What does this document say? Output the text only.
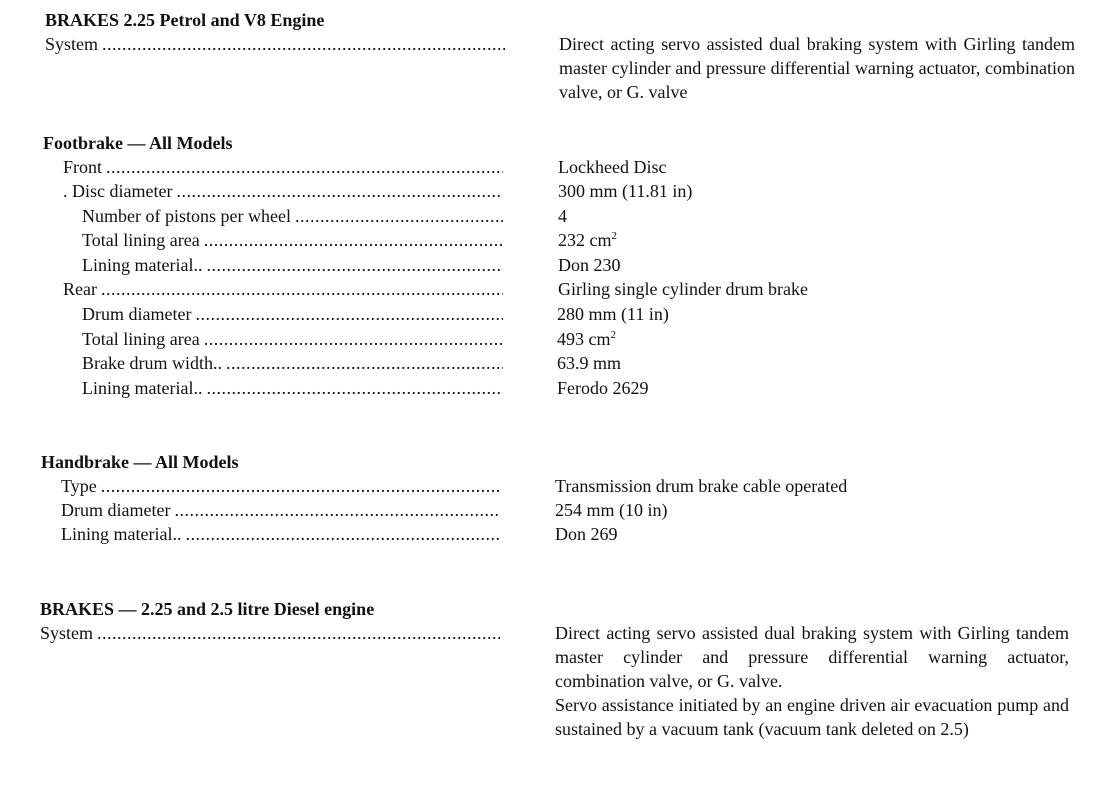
BRAKES 2.25 Petrol and V8 Engine
System .....	Direct acting servo assisted dual braking system with Girling tandem master cylinder and pressure differential warning actuator, combination valve, or G. valve

Footbrake — All Models
Front .....	Lockheed Disc
. Disc diameter .....	300 mm (11.81 in)
Number of pistons per wheel .....	4
Total lining area .....	232 $cm^2$
Lining material.. .....	Don 230
Rear .....	Girling single cylinder drum brake
Drum diameter .....	280 mm (11 in)
Total lining area .....	493 $cm^2$
Brake drum width.. .....	63.9 mm
Lining material.. .....	Ferodo 2629
Handbrake — All Models
Type .....	Transmission drum brake cable operated
Drum diameter .....	254 mm (10 in)
Lining material.. .....	Don 269
BRAKES — 2.25 and 2.5 litre Diesel engine
System .....	Direct acting servo assisted dual braking system with Girling tandem master cylinder and pressure differential warning actuator, combination valve, or G. valve.

Servo assistance initiated by an engine driven air evacuation pump and sustained by a vacuum tank (vacuum tank deleted on 2.5)
